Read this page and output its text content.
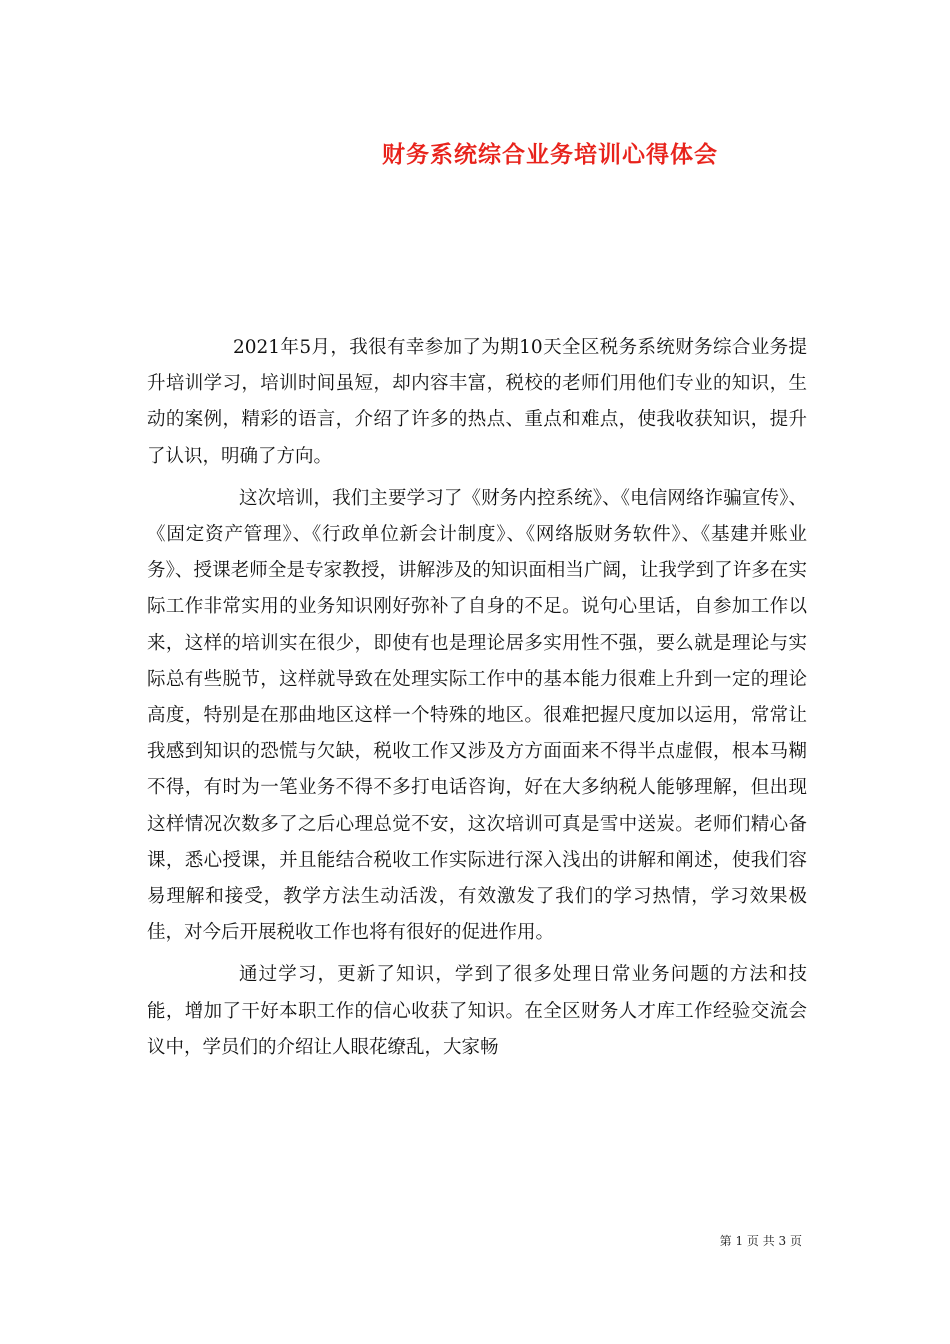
财务系统综合业务培训心得体会

2021年5月，我很有幸参加了为期10天全区税务系统财务综合业务提升培训学习，培训时间虽短，却内容丰富，税校的老师们用他们专业的知识，生动的案例，精彩的语言，介绍了许多的热点、重点和难点，使我收获知识，提升了认识，明确了方向。

这次培训，我们主要学习了《财务内控系统》、《电信网络诈骗宣传》、《固定资产管理》、《行政单位新会计制度》、《网络版财务软件》、《基建并账业务》、授课老师全是专家教授，讲解涉及的知识面相当广阔，让我学到了许多在实际工作非常实用的业务知识刚好弥补了自身的不足。说句心里话，自参加工作以来，这样的培训实在很少，即使有也是理论居多实用性不强，要么就是理论与实际总有些脱节，这样就导致在处理实际工作中的基本能力很难上升到一定的理论高度，特别是在那曲地区这样一个特殊的地区。很难把握尺度加以运用，常常让我感到知识的恐慌与欠缺，税收工作又涉及方方面面来不得半点虚假，根本马糊不得，有时为一笔业务不得不多打电话咨询，好在大多纳税人能够理解，但出现这样情况次数多了之后心理总觉不安，这次培训可真是雪中送炭。老师们精心备课，悉心授课，并且能结合税收工作实际进行深入浅出的讲解和阐述，使我们容易理解和接受，教学方法生动活泼，有效激发了我们的学习热情，学习效果极佳，对今后开展税收工作也将有很好的促进作用。

通过学习，更新了知识，学到了很多处理日常业务问题的方法和技能，增加了干好本职工作的信心收获了知识。在全区财务人才库工作经验交流会议中，学员们的介绍让人眼花缭乱，大家畅

第 1 页 共 3 页
